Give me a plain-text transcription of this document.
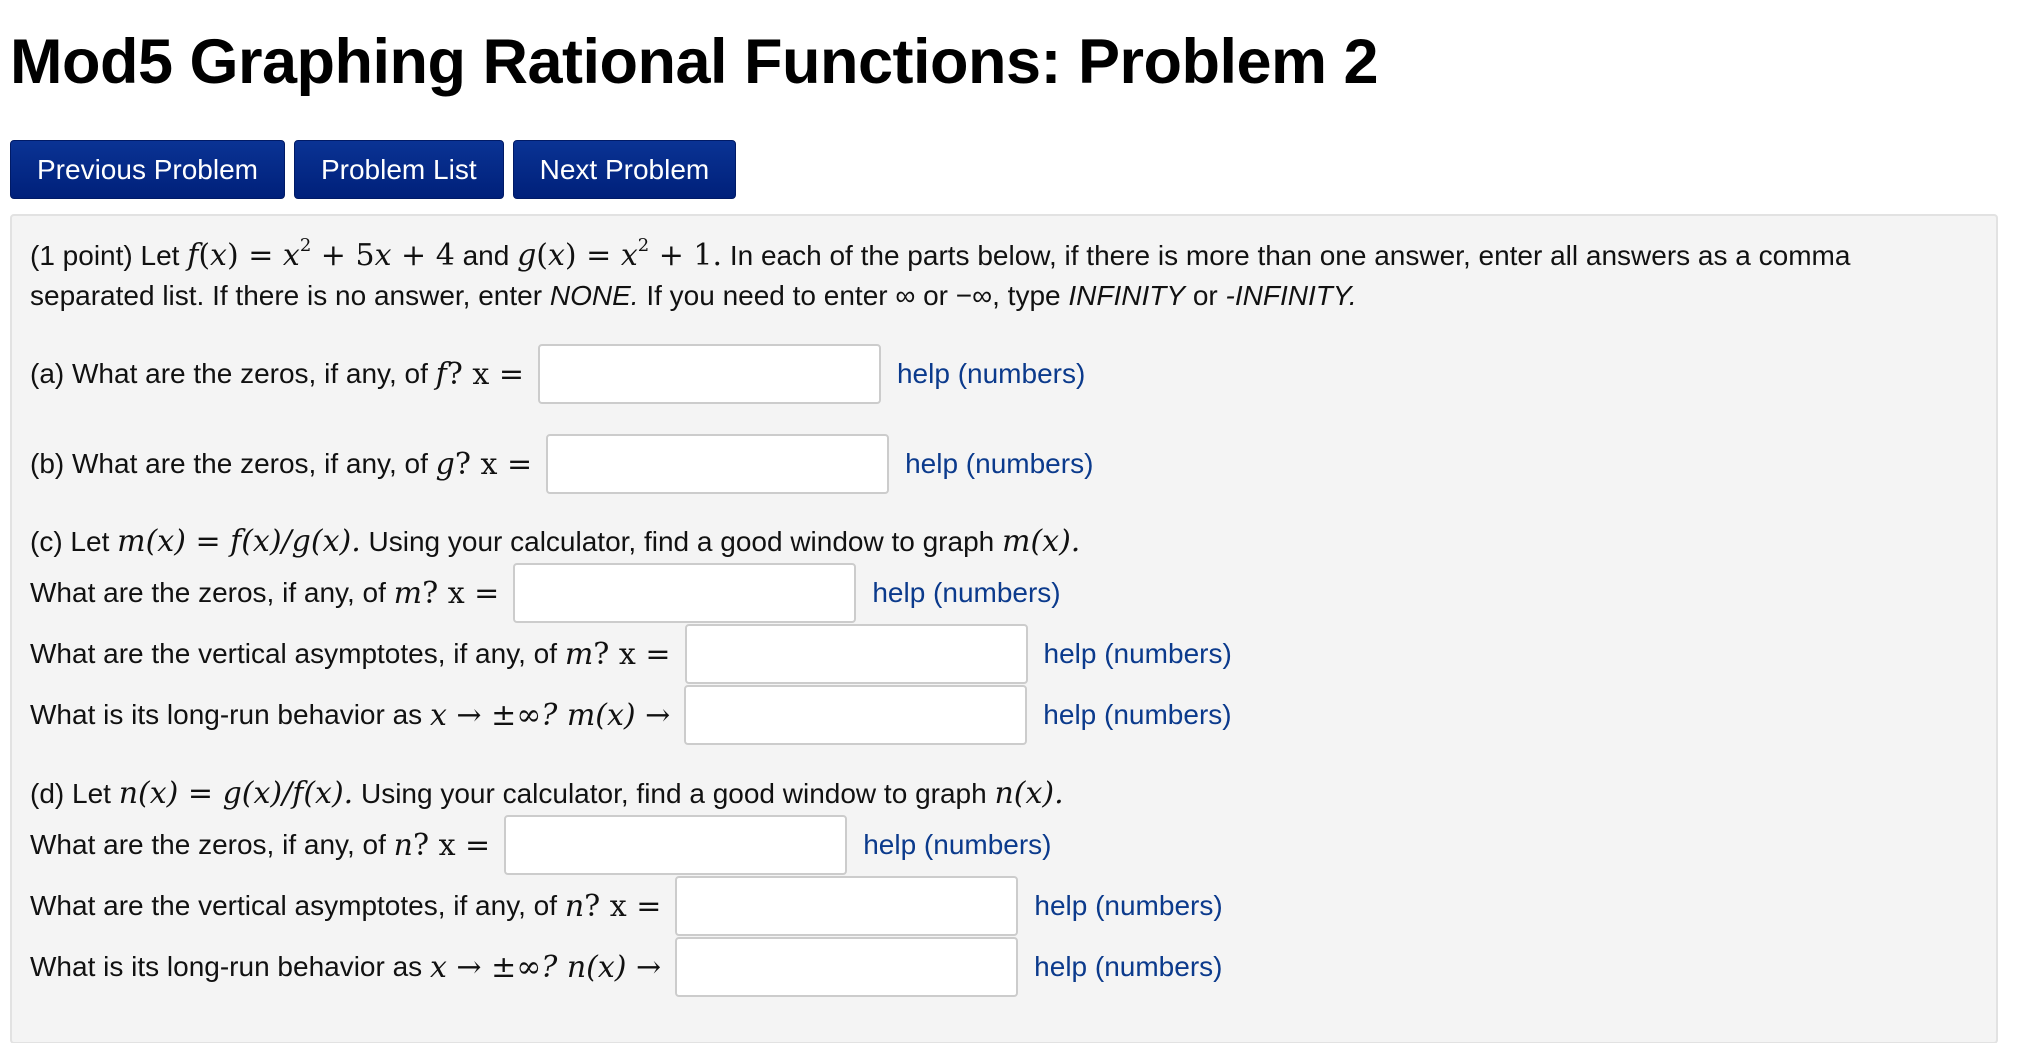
Mod5 Graphing Rational Functions: Problem 2
Previous Problem	Problem List	Next Problem
(1 point) Let $f(x) = x^2 + 5x + 4$ and $g(x) = x^2 + 1$. In each of the parts below, if there is more than one answer, enter all answers as a comma
separated list. If there is no answer, enter NONE. If you need to enter ∞ or −∞, type INFINITY or -INFINITY.
(a) What are the zeros, if any, of
f ? x =	help (numbers)
(b) What are the zeros, if any, of
g ? x =	help (numbers)
(c) Let m(x) = f(x)/g(x). Using your calculator, find a good window to graph m(x).
What are the zeros, if any, of
m ? x =	help (numbers)
What are the vertical asymptotes, if any, of
m ? x =	help (numbers)
What is its long-run behavior as
x → ±∞? m(x) →	help (numbers)
(d) Let n(x) = g(x)/f(x). Using your calculator, find a good window to graph n(x).
What are the zeros, if any, of
n ? x =	help (numbers)
What are the vertical asymptotes, if any, of
n ? x =	help (numbers)
What is its long-run behavior as
x → ±∞? n(x) →	help (numbers)
